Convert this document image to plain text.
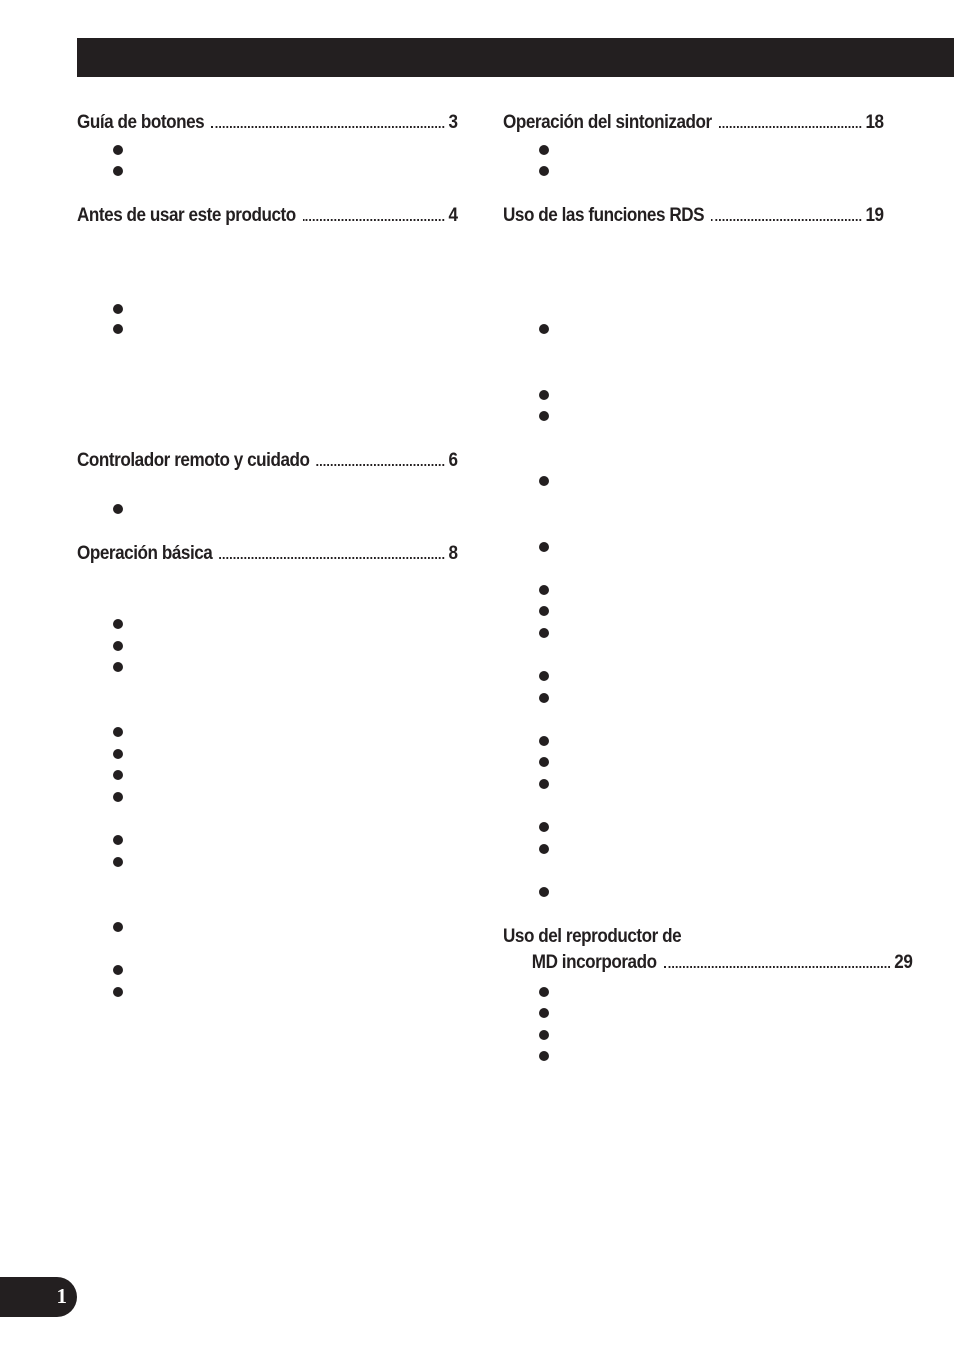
Guía de botones	3
Antes de usar este producto	4
Controlador remoto y cuidado	6
Operación básica	8
Operación del sintonizador	18
Uso de las funciones RDS	19
Uso del reproductor de
MD incorporado	29
1
